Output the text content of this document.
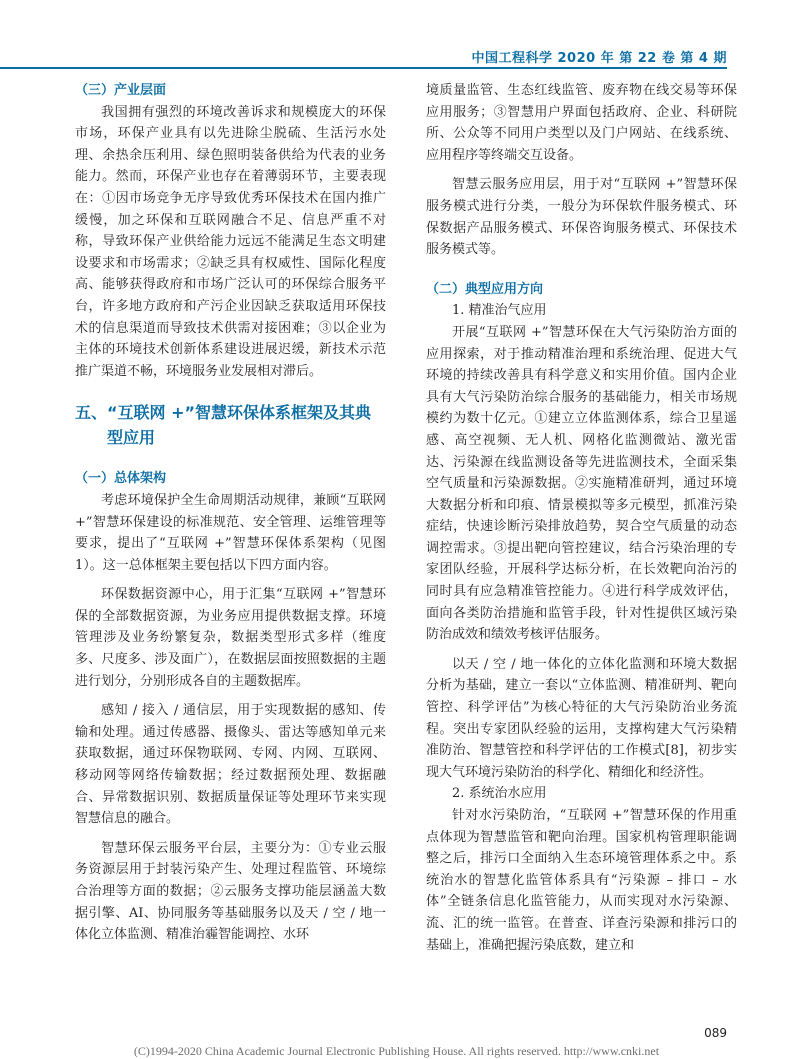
中国工程科学 2020 年 第 22 卷 第 4 期

（三）产业层面

我国拥有强烈的环境改善诉求和规模庞大的环保市场，环保产业具有以先进除尘脱硫、生活污水处理、余热余压利用、绿色照明装备供给为代表的业务能力。然而，环保产业也存在着薄弱环节，主要表现在：①因市场竞争无序导致优秀环保技术在国内推广缓慢，加之环保和互联网融合不足、信息严重不对称，导致环保产业供给能力远远不能满足生态文明建设要求和市场需求；②缺乏具有权威性、国际化程度高、能够获得政府和市场广泛认可的环保综合服务平台，许多地方政府和产污企业因缺乏获取适用环保技术的信息渠道而导致技术供需对接困难；③以企业为主体的环境技术创新体系建设进展迟缓，新技术示范推广渠道不畅，环境服务业发展相对滞后。

五、“互联网 +”智慧环保体系框架及其典型应用

（一）总体架构

考虑环境保护全生命周期活动规律，兼顾“互联网 +”智慧环保建设的标准规范、安全管理、运维管理等要求，提出了“互联网 +”智慧环保体系架构（见图 1）。这一总体框架主要包括以下四方面内容。

环保数据资源中心，用于汇集“互联网 +”智慧环保的全部数据资源，为业务应用提供数据支撑。环境管理涉及业务纷繁复杂，数据类型形式多样（维度多、尺度多、涉及面广），在数据层面按照数据的主题进行划分，分别形成各自的主题数据库。

感知 / 接入 / 通信层，用于实现数据的感知、传输和处理。通过传感器、摄像头、雷达等感知单元来获取数据，通过环保物联网、专网、内网、互联网、移动网等网络传输数据；经过数据预处理、数据融合、异常数据识别、数据质量保证等处理环节来实现智慧信息的融合。

智慧环保云服务平台层，主要分为：①专业云服务资源层用于封装污染产生、处理过程监管、环境综合治理等方面的数据；②云服务支撑功能层涵盖大数据引擎、AI、协同服务等基础服务以及天 / 空 / 地一体化立体监测、精准治霾智能调控、水环

境质量监管、生态红线监管、废弃物在线交易等环保应用服务；③智慧用户界面包括政府、企业、科研院所、公众等不同用户类型以及门户网站、在线系统、应用程序等终端交互设备。

智慧云服务应用层，用于对“互联网 +”智慧环保服务模式进行分类，一般分为环保软件服务模式、环保数据产品服务模式、环保咨询服务模式、环保技术服务模式等。

（二）典型应用方向

1. 精准治气应用

开展“互联网 +”智慧环保在大气污染防治方面的应用探索，对于推动精准治理和系统治理、促进大气环境的持续改善具有科学意义和实用价值。国内企业具有大气污染防治综合服务的基础能力，相关市场规模约为数十亿元。①建立立体监测体系，综合卫星遥感、高空视频、无人机、网格化监测微站、激光雷达、污染源在线监测设备等先进监测技术，全面采集空气质量和污染源数据。②实施精准研判，通过环境大数据分析和印痕、情景模拟等多元模型，抓准污染症结，快速诊断污染排放趋势，契合空气质量的动态调控需求。③提出靶向管控建议，结合污染治理的专家团队经验，开展科学达标分析，在长效靶向治污的同时具有应急精准管控能力。④进行科学成效评估，面向各类防治措施和监管手段，针对性提供区域污染防治成效和绩效考核评估服务。

以天 / 空 / 地一体化的立体化监测和环境大数据分析为基础，建立一套以“立体监测、精准研判、靶向管控、科学评估”为核心特征的大气污染防治业务流程。突出专家团队经验的运用，支撑构建大气污染精准防治、智慧管控和科学评估的工作模式[8]，初步实现大气环境污染防治的科学化、精细化和经济性。

2. 系统治水应用

针对水污染防治，“互联网 +”智慧环保的作用重点体现为智慧监管和靶向治理。国家机构管理职能调整之后，排污口全面纳入生态环境管理体系之中。系统治水的智慧化监管体系具有“污染源 – 排口 – 水体”全链条信息化监管能力，从而实现对水污染源、流、汇的统一监管。在普查、详查污染源和排污口的基础上，准确把握污染底数，建立和

089
(C)1994-2020 China Academic Journal Electronic Publishing House. All rights reserved. http://www.cnki.net
